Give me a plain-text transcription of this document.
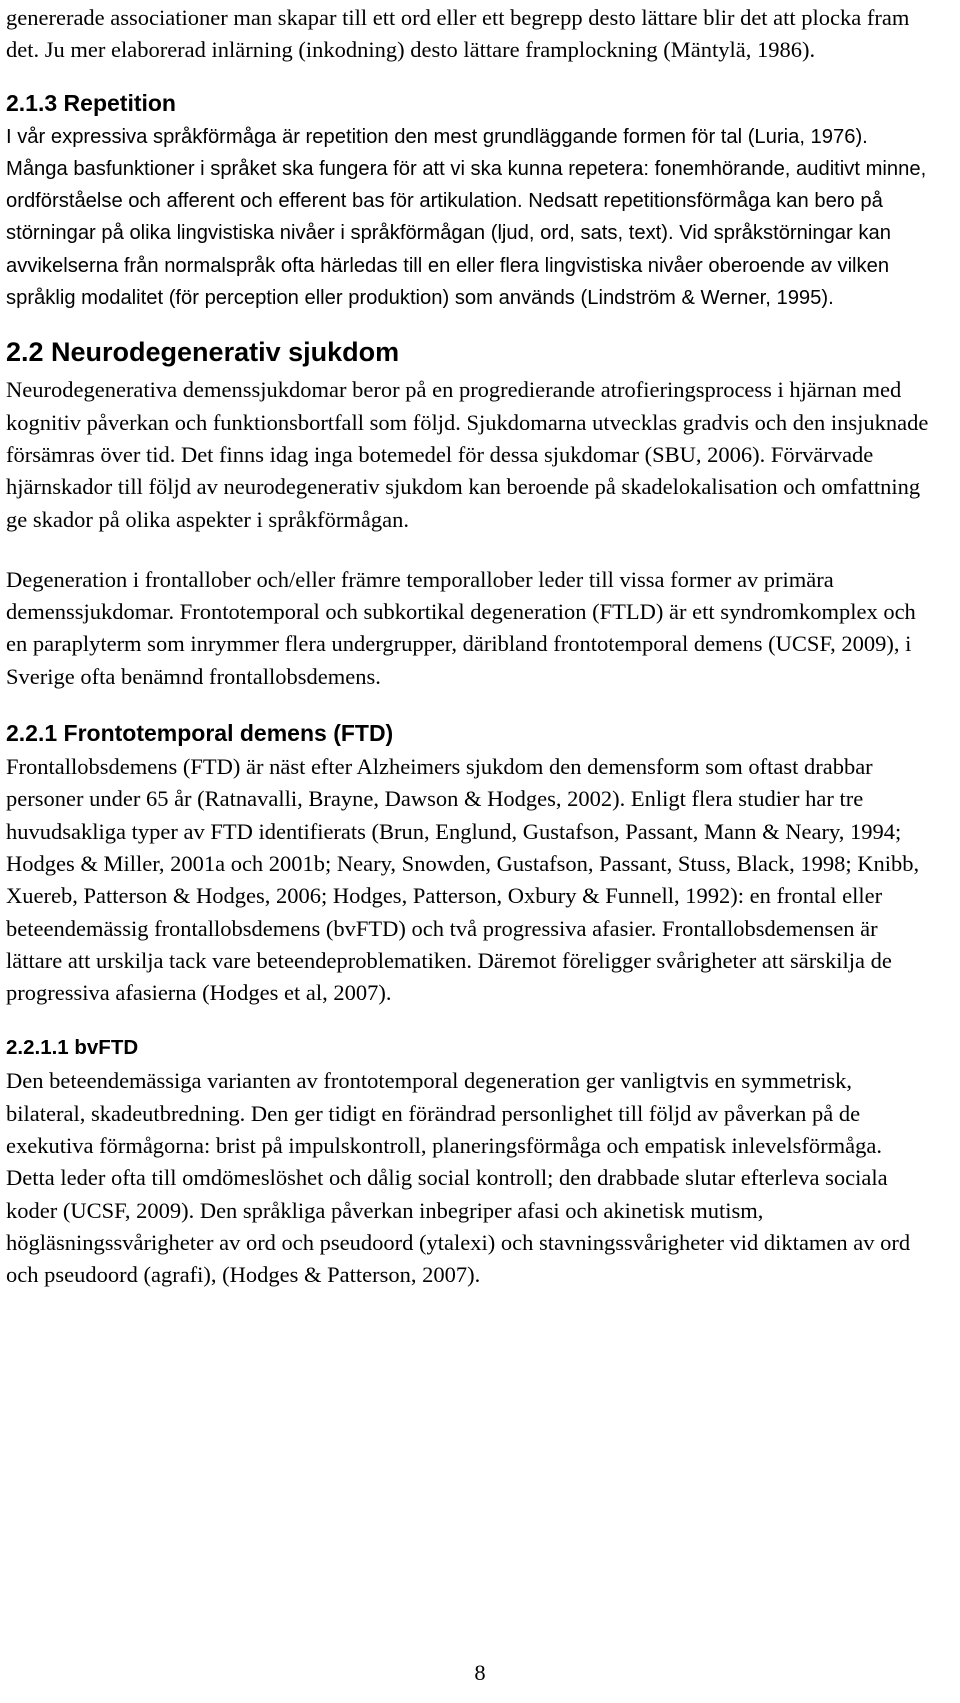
genererade associationer man skapar till ett ord eller ett begrepp desto lättare blir det att plocka fram det. Ju mer elaborerad inlärning (inkodning) desto lättare framplockning (Mäntylä, 1986).

2.1.3 Repetition

I vår expressiva språkförmåga är repetition den mest grundläggande formen för tal (Luria, 1976). Många basfunktioner i språket ska fungera för att vi ska kunna repetera: fonemhörande, auditivt minne, ordförståelse och afferent och efferent bas för artikulation. Nedsatt repetitionsförmåga kan bero på störningar på olika lingvistiska nivåer i språkförmågan (ljud, ord, sats, text). Vid språkstörningar kan avvikelserna från normalspråk ofta härledas till en eller flera lingvistiska nivåer oberoende av vilken språklig modalitet (för perception eller produktion) som används (Lindström & Werner, 1995).

2.2 Neurodegenerativ sjukdom

Neurodegenerativa demenssjukdomar beror på en progredierande atrofieringsprocess i hjärnan med kognitiv påverkan och funktionsbortfall som följd. Sjukdomarna utvecklas gradvis och den insjuknade försämras över tid. Det finns idag inga botemedel för dessa sjukdomar (SBU, 2006). Förvärvade hjärnskador till följd av neurodegenerativ sjukdom kan beroende på skadelokalisation och omfattning ge skador på olika aspekter i språkförmågan.

Degeneration i frontallober och/eller främre temporallober leder till vissa former av primära demenssjukdomar. Frontotemporal och subkortikal degeneration (FTLD) är ett syndromkomplex och en paraplyterm som inrymmer flera undergrupper, däribland frontotemporal demens (UCSF, 2009), i Sverige ofta benämnd frontallobsdemens.

2.2.1 Frontotemporal demens (FTD)

Frontallobsdemens (FTD) är näst efter Alzheimers sjukdom den demensform som oftast drabbar personer under 65 år (Ratnavalli, Brayne, Dawson & Hodges, 2002). Enligt flera studier har tre huvudsakliga typer av FTD identifierats (Brun, Englund, Gustafson, Passant, Mann & Neary, 1994; Hodges & Miller, 2001a och 2001b; Neary, Snowden, Gustafson, Passant, Stuss, Black, 1998; Knibb, Xuereb, Patterson & Hodges, 2006; Hodges, Patterson, Oxbury & Funnell, 1992): en frontal eller beteendemässig frontallobsdemens (bvFTD) och två progressiva afasier. Frontallobsdemensen är lättare att urskilja tack vare beteendeproblematiken. Däremot föreligger svårigheter att särskilja de progressiva afasierna (Hodges et al, 2007).

2.2.1.1 bvFTD

Den beteendemässiga varianten av frontotemporal degeneration ger vanligtvis en symmetrisk, bilateral, skadeutbredning. Den ger tidigt en förändrad personlighet till följd av påverkan på de exekutiva förmågorna: brist på impulskontroll, planeringsförmåga och empatisk inlevelsförmåga. Detta leder ofta till omdömeslöshet och dålig social kontroll; den drabbade slutar efterleva sociala koder (UCSF, 2009). Den språkliga påverkan inbegriper afasi och akinetisk mutism, högläsningssvårigheter av ord och pseudoord (ytalexi) och stavningssvårigheter vid diktamen av ord och pseudoord (agrafi), (Hodges & Patterson, 2007).

8
